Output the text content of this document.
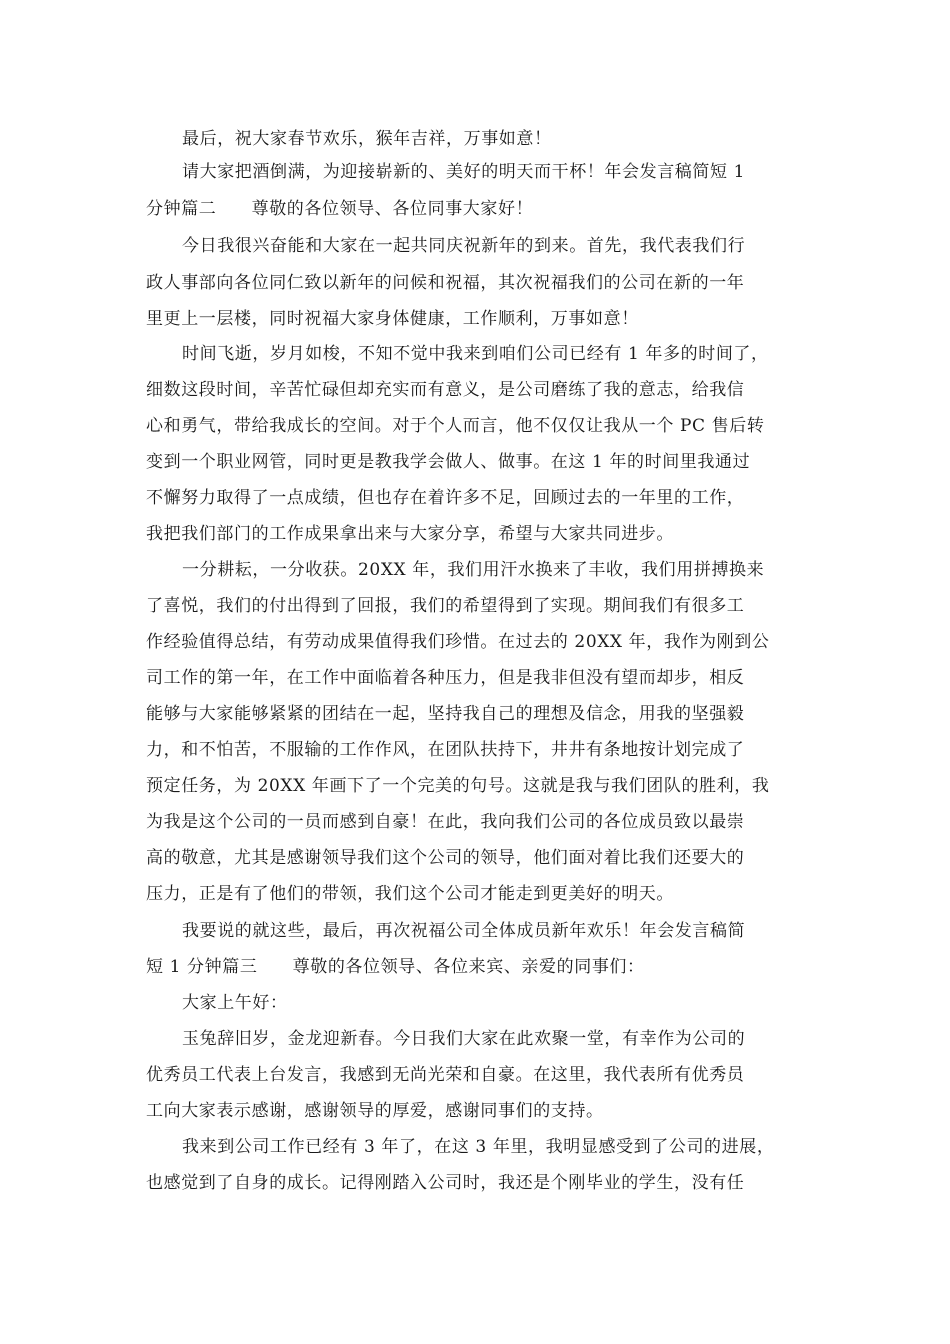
最后，祝大家春节欢乐，猴年吉祥，万事如意！
请大家把酒倒满，为迎接崭新的、美好的明天而干杯！年会发言稿简短 1
分钟篇二　　尊敬的各位领导、各位同事大家好！
今日我很兴奋能和大家在一起共同庆祝新年的到来。首先，我代表我们行
政人事部向各位同仁致以新年的问候和祝福，其次祝福我们的公司在新的一年
里更上一层楼，同时祝福大家身体健康，工作顺利，万事如意！
时间飞逝，岁月如梭，不知不觉中我来到咱们公司已经有 1 年多的时间了，
细数这段时间，辛苦忙碌但却充实而有意义，是公司磨练了我的意志，给我信
心和勇气，带给我成长的空间。对于个人而言，他不仅仅让我从一个 PC 售后转
变到一个职业网管，同时更是教我学会做人、做事。在这 1 年的时间里我通过
不懈努力取得了一点成绩，但也存在着许多不足，回顾过去的一年里的工作，
我把我们部门的工作成果拿出来与大家分享，希望与大家共同进步。
一分耕耘，一分收获。20XX 年，我们用汗水换来了丰收，我们用拼搏换来
了喜悦，我们的付出得到了回报，我们的希望得到了实现。期间我们有很多工
作经验值得总结，有劳动成果值得我们珍惜。在过去的 20XX 年，我作为刚到公
司工作的第一年，在工作中面临着各种压力，但是我非但没有望而却步，相反
能够与大家能够紧紧的团结在一起，坚持我自己的理想及信念，用我的坚强毅
力，和不怕苦，不服输的工作作风，在团队扶持下，井井有条地按计划完成了
预定任务，为 20XX 年画下了一个完美的句号。这就是我与我们团队的胜利，我
为我是这个公司的一员而感到自豪！在此，我向我们公司的各位成员致以最崇
高的敬意，尤其是感谢领导我们这个公司的领导，他们面对着比我们还要大的
压力，正是有了他们的带领，我们这个公司才能走到更美好的明天。
我要说的就这些，最后，再次祝福公司全体成员新年欢乐！年会发言稿简
短 1 分钟篇三　　尊敬的各位领导、各位来宾、亲爱的同事们：
大家上午好：
玉兔辞旧岁，金龙迎新春。今日我们大家在此欢聚一堂，有幸作为公司的
优秀员工代表上台发言，我感到无尚光荣和自豪。在这里，我代表所有优秀员
工向大家表示感谢，感谢领导的厚爱，感谢同事们的支持。
我来到公司工作已经有 3 年了，在这 3 年里，我明显感受到了公司的进展，
也感觉到了自身的成长。记得刚踏入公司时，我还是个刚毕业的学生，没有任
